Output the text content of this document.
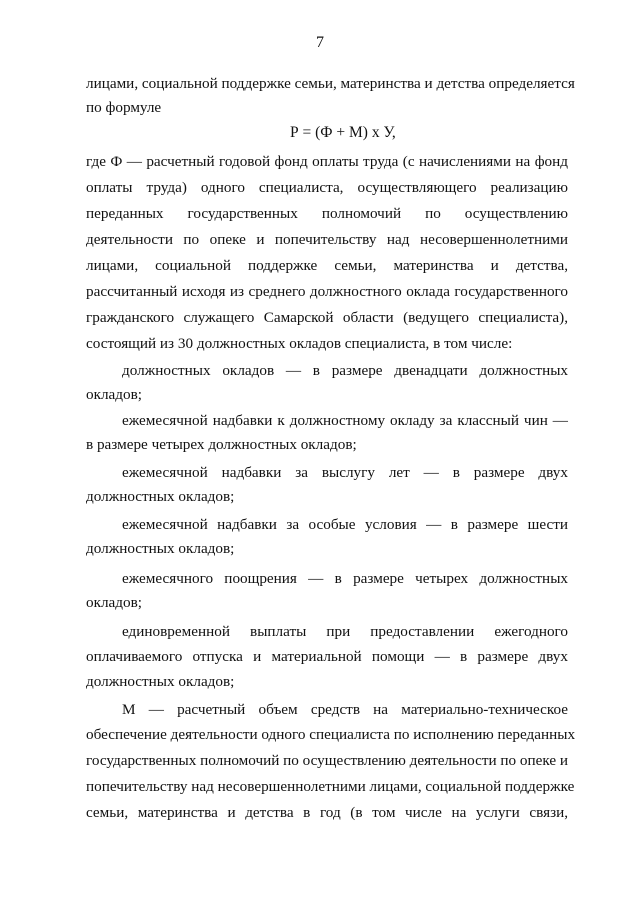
7
лицами, социальной поддержке семьи, материнства и детства определяется
по формуле
Р = (Ф + М) х У,
где Ф — расчетный годовой фонд оплаты труда (с начислениями на фонд
оплаты труда) одного специалиста, осуществляющего реализацию
переданных государственных полномочий по осуществлению
деятельности по опеке и попечительству над несовершеннолетними
лицами, социальной поддержке семьи, материнства и детства,
рассчитанный исходя из среднего должностного оклада государственного
гражданского служащего Самарской области (ведущего специалиста),
состоящий из 30 должностных окладов специалиста, в том числе:
должностных окладов — в размере двенадцати должностных
окладов;
ежемесячной надбавки к должностному окладу за классный чин —
в размере четырех должностных окладов;
ежемесячной надбавки за выслугу лет — в размере двух
должностных окладов;
ежемесячной надбавки за особые условия — в размере шести
должностных окладов;
ежемесячного поощрения — в размере четырех должностных
окладов;
единовременной выплаты при предоставлении ежегодного
оплачиваемого отпуска и материальной помощи — в размере двух
должностных окладов;
М — расчетный объем средств на материально-техническое
обеспечение деятельности одного специалиста по исполнению переданных
государственных полномочий по осуществлению деятельности по опеке и
попечительству над несовершеннолетними лицами, социальной поддержке
семьи, материнства и детства в год (в том числе на услуги связи,
